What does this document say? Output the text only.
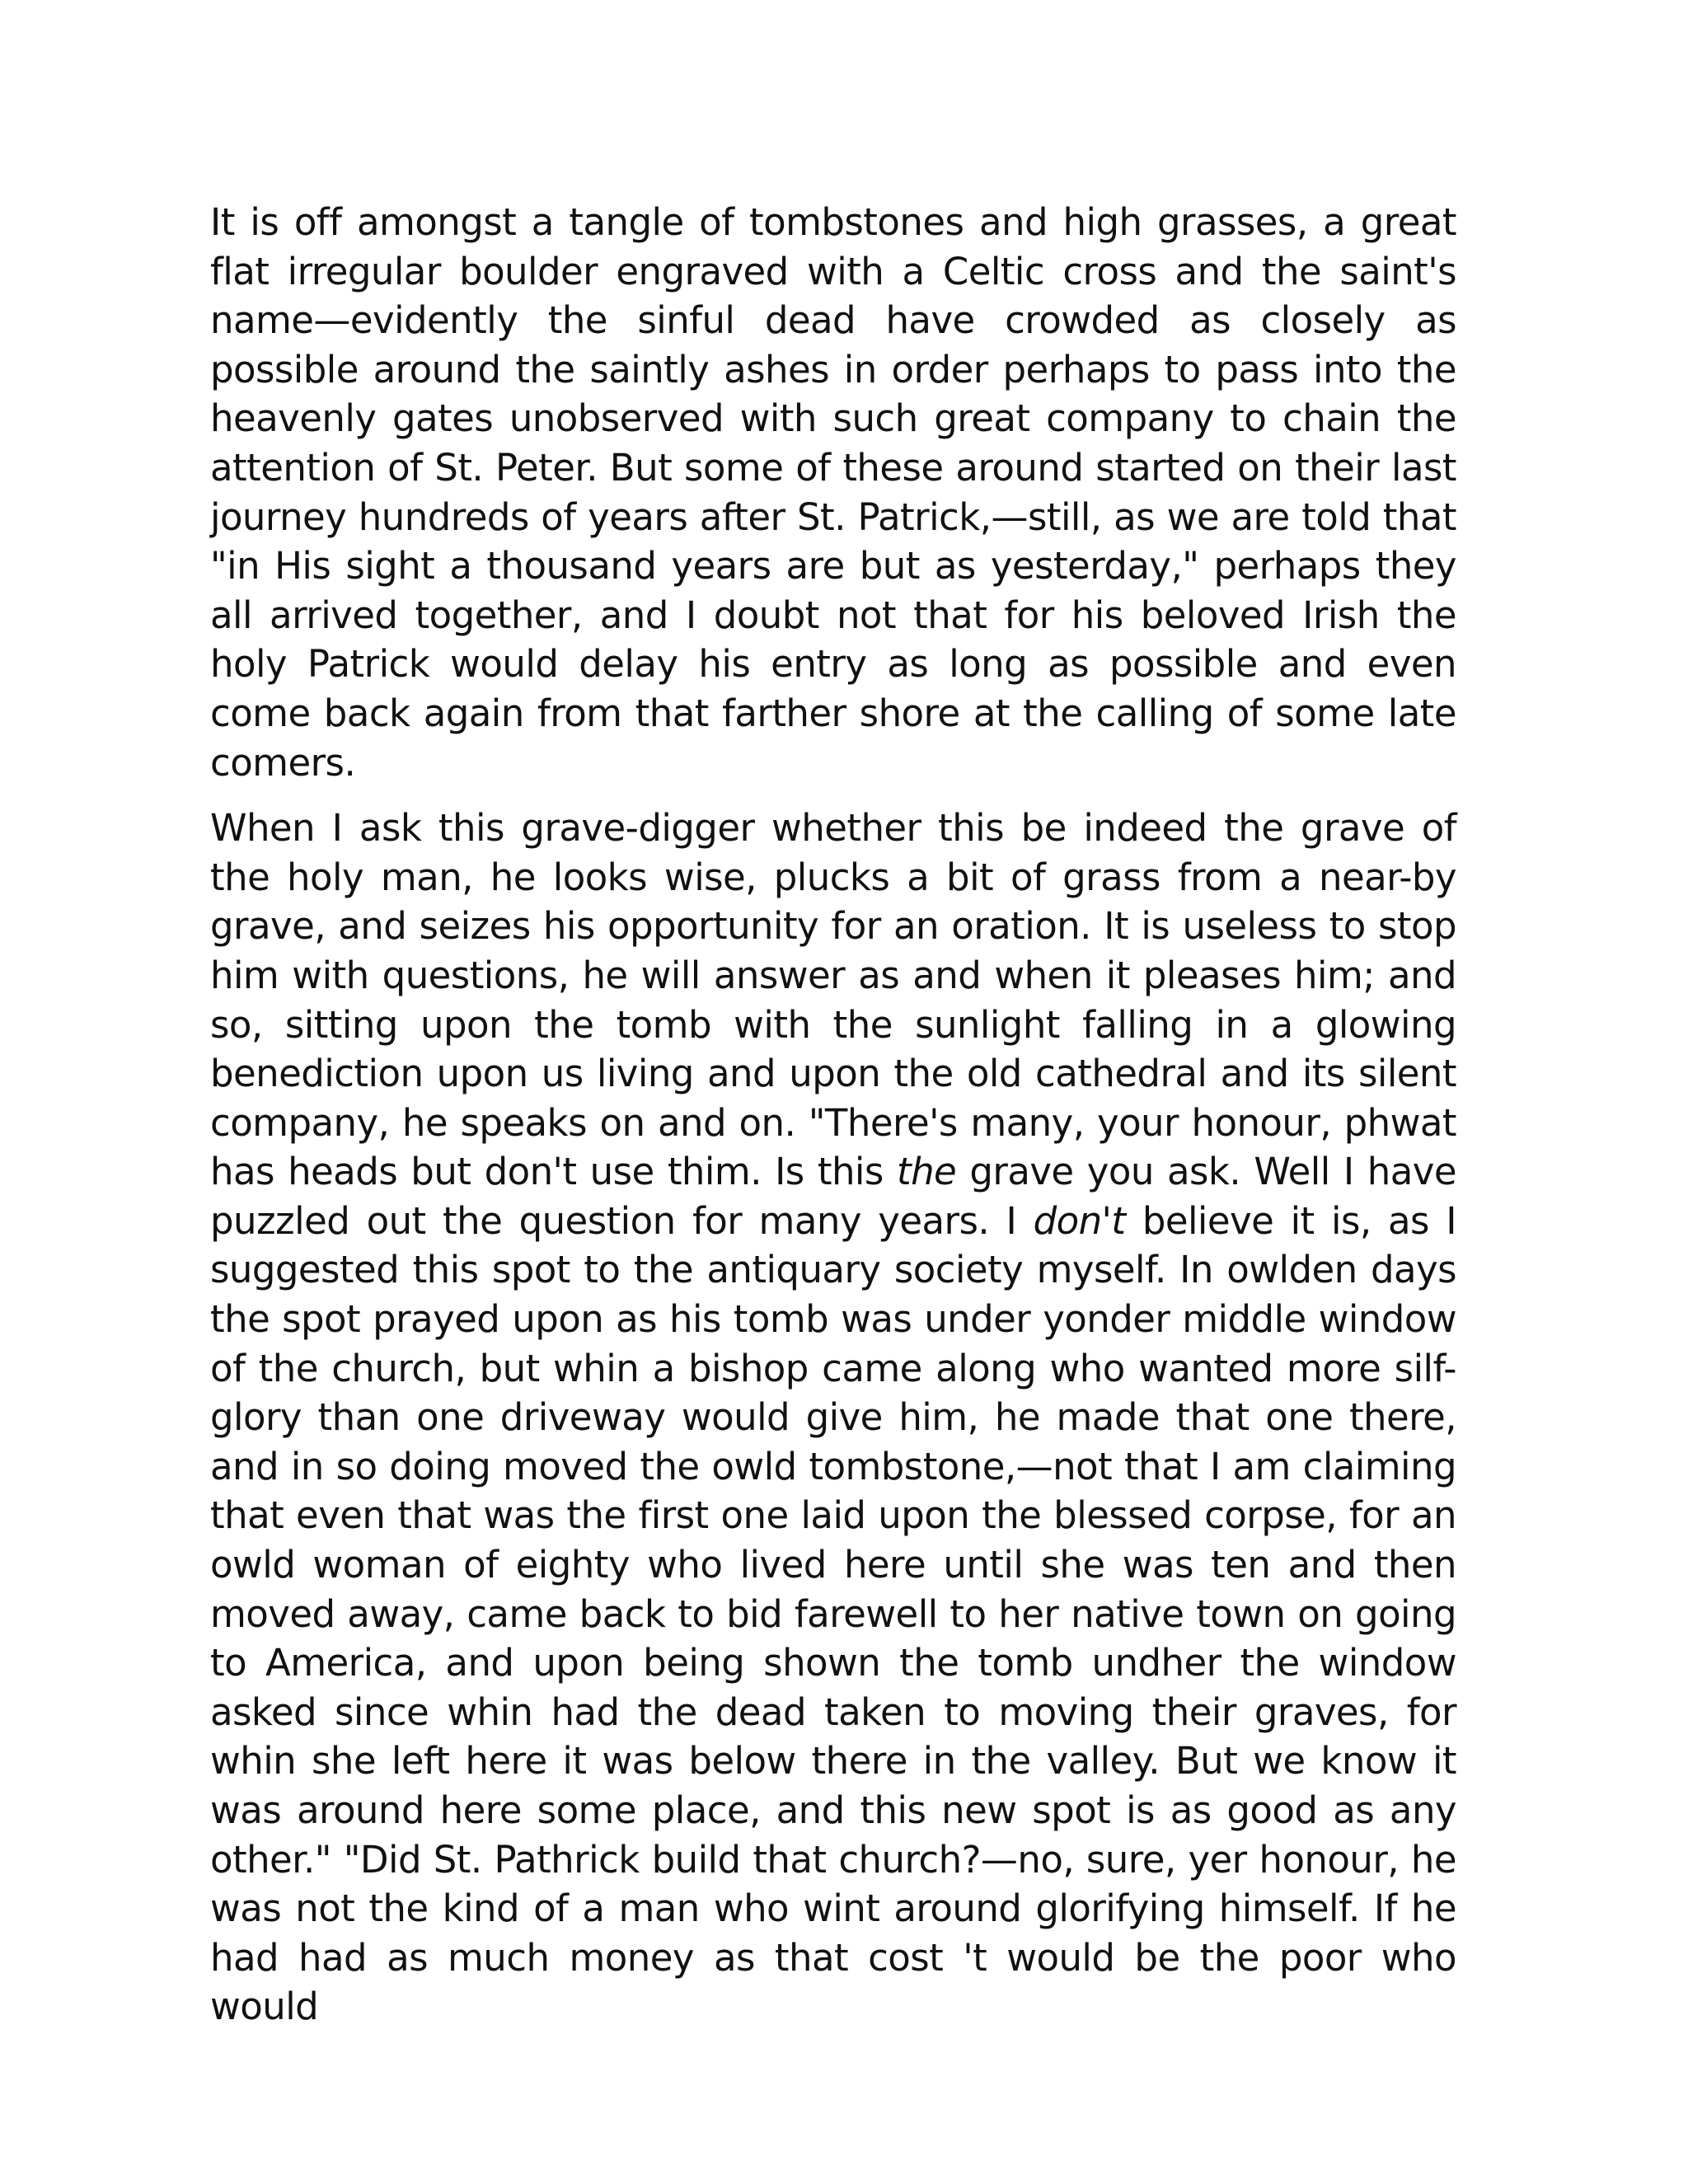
It is off amongst a tangle of tombstones and high grasses, a great flat irregular boulder engraved with a Celtic cross and the saint's name—evidently the sinful dead have crowded as closely as possible around the saintly ashes in order perhaps to pass into the heavenly gates unobserved with such great company to chain the attention of St. Peter. But some of these around started on their last journey hundreds of years after St. Patrick,—still, as we are told that "in His sight a thousand years are but as yesterday," perhaps they all arrived together, and I doubt not that for his beloved Irish the holy Patrick would delay his entry as long as possible and even come back again from that farther shore at the calling of some late comers.

When I ask this grave-digger whether this be indeed the grave of the holy man, he looks wise, plucks a bit of grass from a near-by grave, and seizes his opportunity for an oration. It is useless to stop him with questions, he will answer as and when it pleases him; and so, sitting upon the tomb with the sunlight falling in a glowing benediction upon us living and upon the old cathedral and its silent company, he speaks on and on. "There's many, your honour, phwat has heads but don't use thim. Is this the grave you ask. Well I have puzzled out the question for many years. I don't believe it is, as I suggested this spot to the antiquary society myself. In owlden days the spot prayed upon as his tomb was under yonder middle window of the church, but whin a bishop came along who wanted more silf-glory than one driveway would give him, he made that one there, and in so doing moved the owld tombstone,—not that I am claiming that even that was the first one laid upon the blessed corpse, for an owld woman of eighty who lived here until she was ten and then moved away, came back to bid farewell to her native town on going to America, and upon being shown the tomb undher the window asked since whin had the dead taken to moving their graves, for whin she left here it was below there in the valley. But we know it was around here some place, and this new spot is as good as any other." "Did St. Pathrick build that church?—no, sure, yer honour, he was not the kind of a man who wint around glorifying himself. If he had had as much money as that cost 't would be the poor who would
